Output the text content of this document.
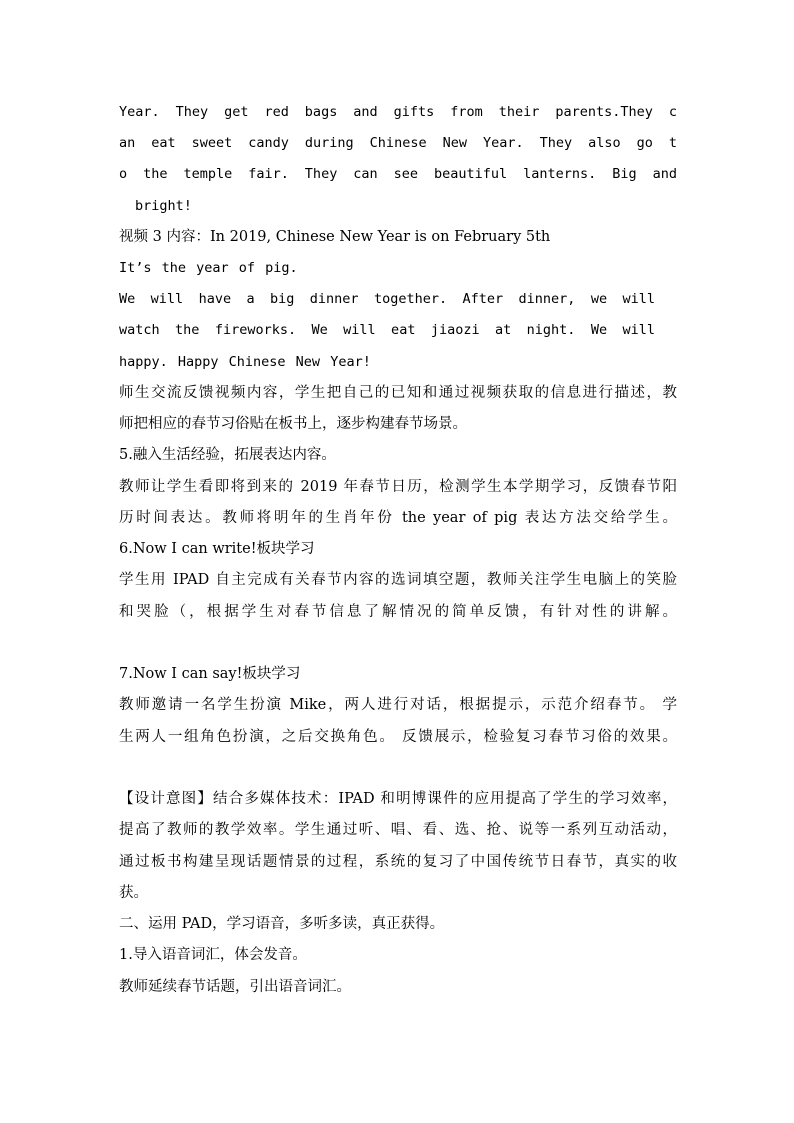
Year. They get red bags and gifts from their parents.They c
an eat sweet candy during Chinese New Year. They also go t
o the temple fair. They can see beautiful lanterns. Big and
bright!
视频 3 内容：In 2019, Chinese New Year is on February 5th
It’s the year of pig.
We will have a big dinner together. After dinner, we will
watch the fireworks. We will eat jiaozi at night. We will
happy. Happy Chinese New Year!
师生交流反馈视频内容，学生把自己的已知和通过视频获取的信息进行描述，教
师把相应的春节习俗贴在板书上，逐步构建春节场景。
5.融入生活经验，拓展表达内容。
教师让学生看即将到来的 2019 年春节日历，检测学生本学期学习，反馈春节阳
历时间表达。教师将明年的生肖年份 the year of pig 表达方法交给学生。
6.Now I can write!板块学习
学生用 IPAD 自主完成有关春节内容的选词填空题，教师关注学生电脑上的笑脸
和哭脸（，根据学生对春节信息了解情况的简单反馈，有针对性的讲解。
7.Now I can say!板块学习
教师邀请一名学生扮演 Mike，两人进行对话，根据提示，示范介绍春节。 学
生两人一组角色扮演，之后交换角色。 反馈展示，检验复习春节习俗的效果。
【设计意图】结合多媒体技术：IPAD 和明博课件的应用提高了学生的学习效率，
提高了教师的教学效率。学生通过听、唱、看、选、抢、说等一系列互动活动，
通过板书构建呈现话题情景的过程，系统的复习了中国传统节日春节，真实的收
获。
二、运用 PAD，学习语音，多听多读，真正获得。
1.导入语音词汇，体会发音。
教师延续春节话题，引出语音词汇。
